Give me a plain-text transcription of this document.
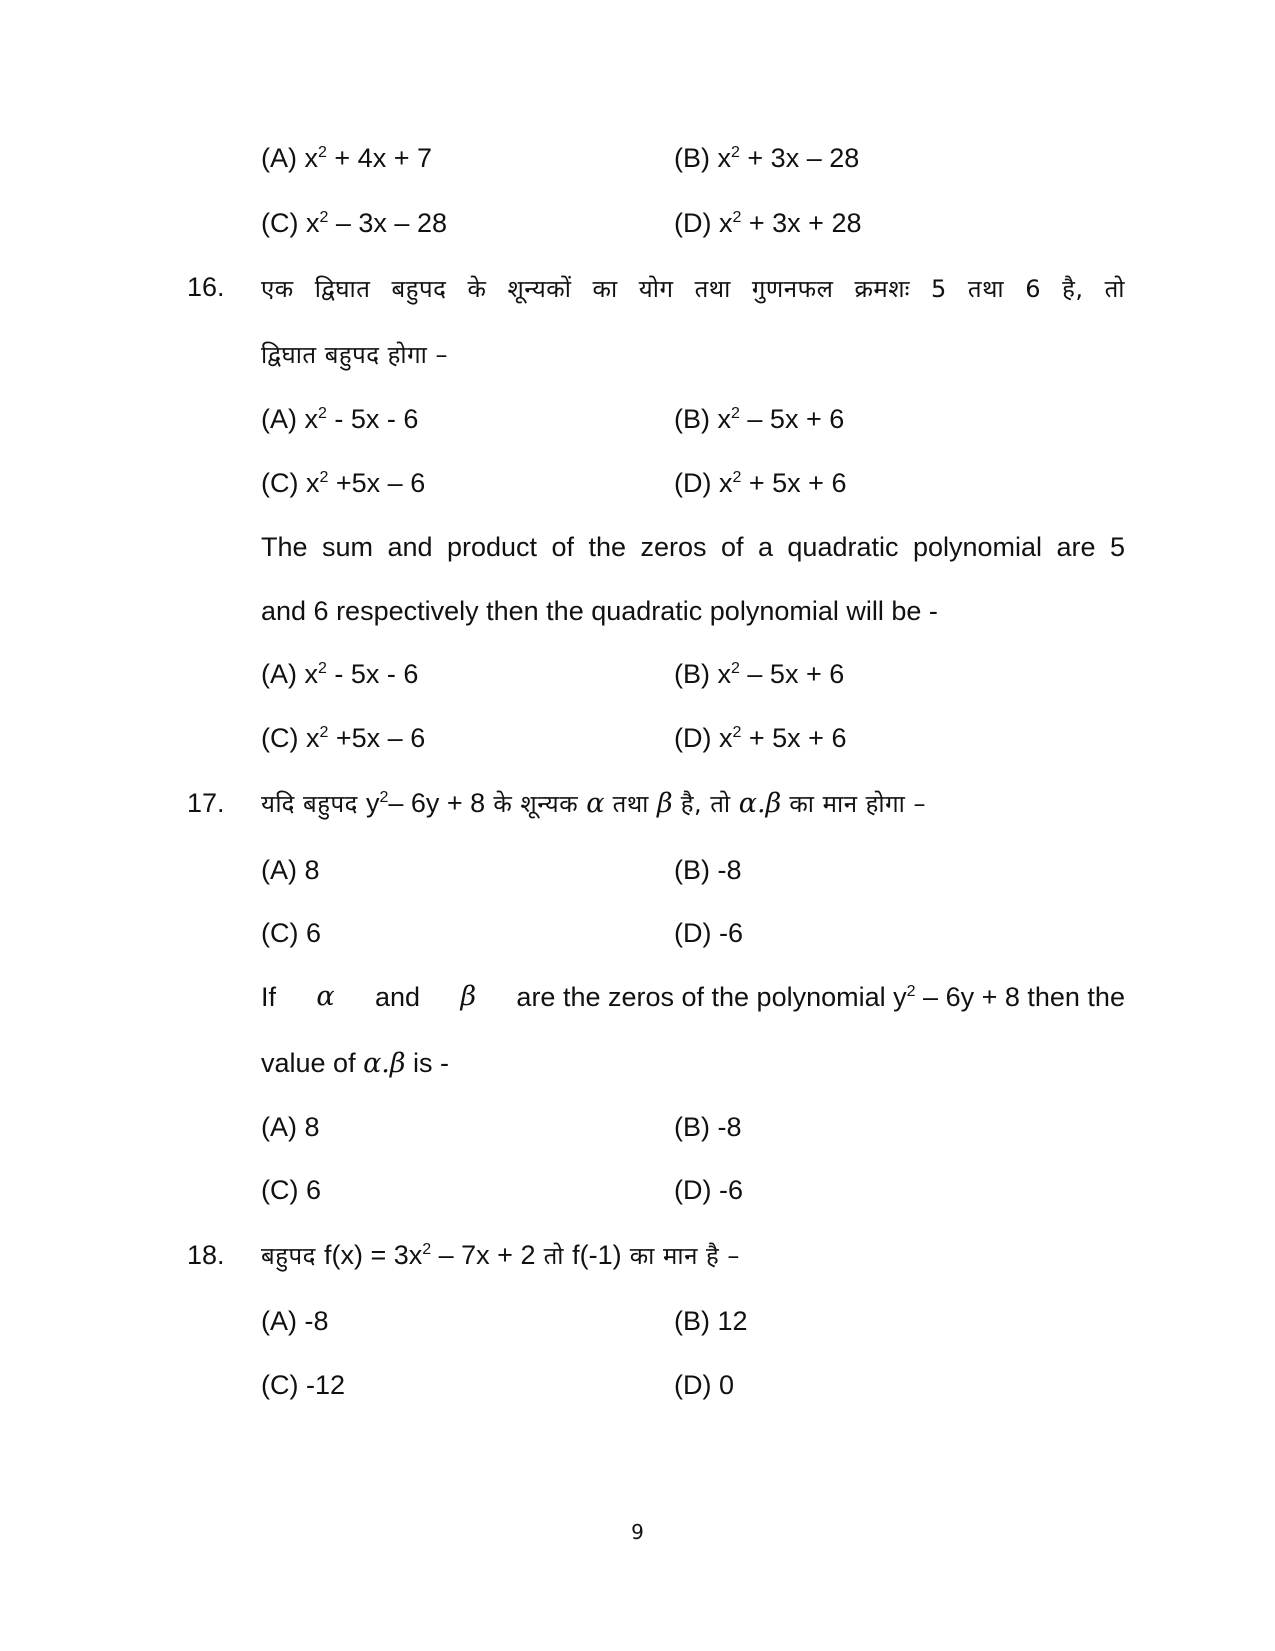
(A) $x^2 + 4x + 7$	(B) $x^2 + 3x - 28$
(C) $x^2 - 3x - 28$	(D) $x^2 + 3x + 28$
16. एक द्विघात बहुपद के शून्यकों का योग तथा गुणनफल क्रमशः 5 तथा 6 है, तो
द्विघात बहुपद होगा –
(A) $x^2 - 5x - 6$	(B) $x^2 - 5x + 6$
(C) $x^2 +5x - 6$	(D) $x^2 + 5x + 6$
The sum and product of the zeros of a quadratic polynomial are 5
and 6 respectively then the quadratic polynomial will be -
(A) $x^2 - 5x - 6$	(B) $x^2 - 5x + 6$
(C) $x^2 +5x - 6$	(D) $x^2 + 5x + 6$
17. यदि बहुपद $y^2-$ 6y + 8 के शून्यक α तथा β है, तो α.β का मान होगा –
(A) 8	(B) -8
(C) 6	(D) -6
If α and β are the zeros of the polynomial $y^2 - 6y + 8$ then the
value of α.β is -
(A) 8	(B) -8
(C) 6	(D) -6
18. बहुपद $f(x) = 3x^2 - 7x + 2$ तो f(-1) का मान है –
(A) -8	(B) 12
(C) -12	(D) 0
9
